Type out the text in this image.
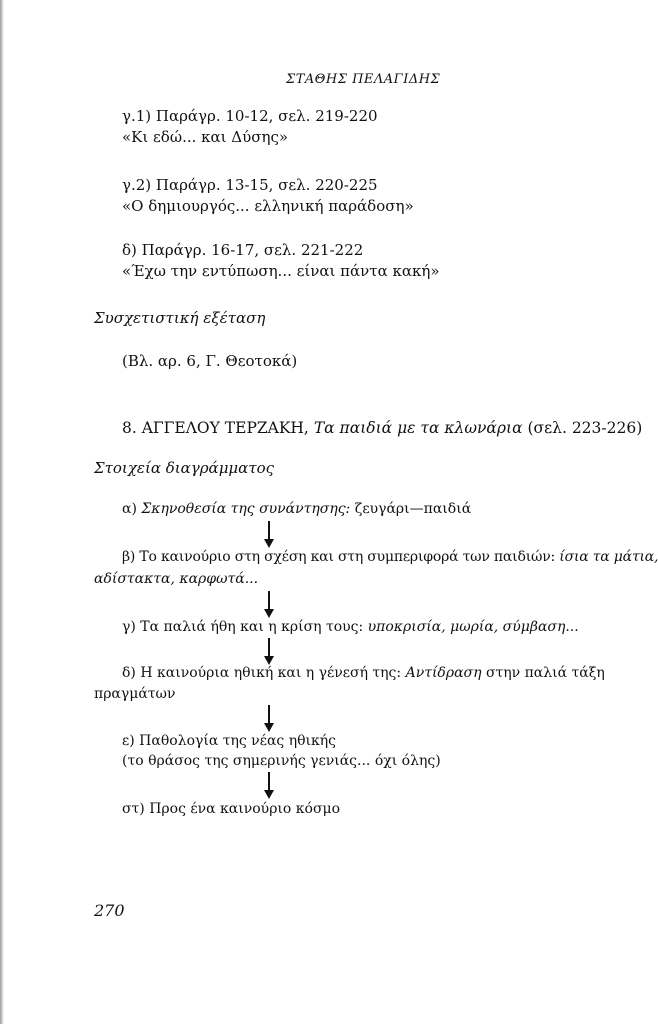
ΣΤΑΘΗΣ ΠΕΛΑΓΙΔΗΣ
γ.1) Παράγρ. 10-12, σελ. 219-220
«Κι εδώ... και Δύσης»
γ.2) Παράγρ. 13-15, σελ. 220-225
«Ο δημιουργός... ελληνική παράδοση»
δ) Παράγρ. 16-17, σελ. 221-222
«Έχω την εντύπωση... είναι πάντα κακή»
Συσχετιστική εξέταση
(Βλ. αρ. 6, Γ. Θεοτοκά)
8. ΑΓΓΕΛΟΥ ΤΕΡΖΑΚΗ, Τα παιδιά με τα κλωνάρια (σελ. 223-226)
Στοιχεία διαγράμματος
α) Σκηνοθεσία της συνάντησης: ζευγάρι—παιδιά
β) Το καινούριο στη σχέση και στη συμπεριφορά των παιδιών: ίσια τα μάτια,
αδίστακτα, καρφωτά...
γ) Τα παλιά ήθη και η κρίση τους: υποκρισία, μωρία, σύμβαση...
δ) Η καινούρια ηθική και η γένεσή της: Αντίδραση στην παλιά τάξη
πραγμάτων
ε) Παθολογία της νέας ηθικής
(το θράσος της σημερινής γενιάς... όχι όλης)
στ) Προς ένα καινούριο κόσμο
270
